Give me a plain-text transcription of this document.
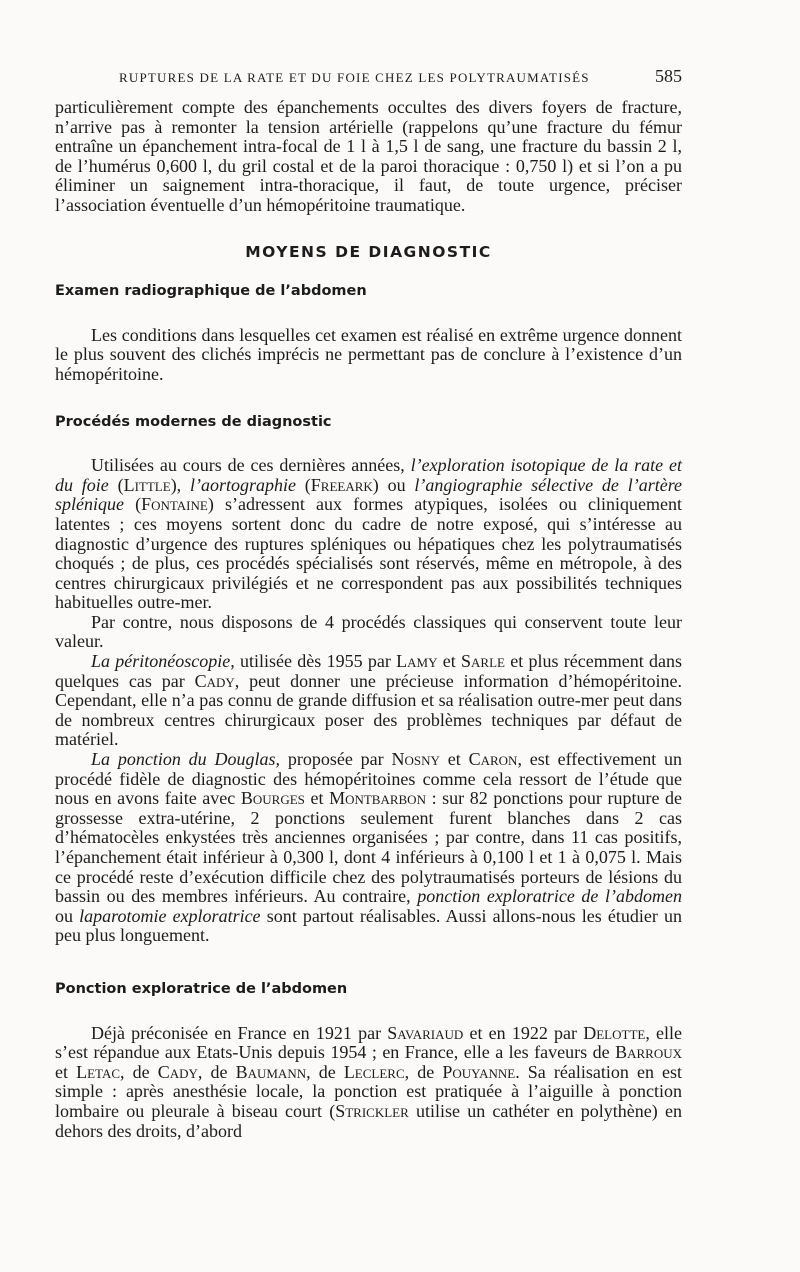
RUPTURES DE LA RATE ET DU FOIE CHEZ LES POLYTRAUMATISÉS	585

particulièrement compte des épanchements occultes des divers foyers de fracture, n’arrive pas à remonter la tension artérielle (rappelons qu’une fracture du fémur entraîne un épanchement intra-focal de 1 l à 1,5 l de sang, une fracture du bassin 2 l, de l’humérus 0,600 l, du gril costal et de la paroi thoracique : 0,750 l) et si l’on a pu éliminer un saignement intra-thoracique, il faut, de toute urgence, préciser l’association éventuelle d’un hémopéritoine traumatique.

MOYENS DE DIAGNOSTIC
Examen radiographique de l’abdomen

Les conditions dans lesquelles cet examen est réalisé en extrême urgence donnent le plus souvent des clichés imprécis ne permettant pas de conclure à l’existence d’un hémopéritoine.

Procédés modernes de diagnostic

Utilisées au cours de ces dernières années, l’exploration isotopique de la rate et du foie (Little), l’aortographie (Freeark) ou l’angiographie sélective de l’artère splénique (Fontaine) s’adressent aux formes atypiques, isolées ou cliniquement latentes ; ces moyens sortent donc du cadre de notre exposé, qui s’intéresse au diagnostic d’urgence des ruptures spléniques ou hépatiques chez les polytraumatisés choqués ; de plus, ces procédés spécialisés sont réservés, même en métropole, à des centres chirurgicaux privilégiés et ne correspondent pas aux possibilités techniques habituelles outre-mer.

Par contre, nous disposons de 4 procédés classiques qui conservent toute leur valeur.

La péritonéoscopie, utilisée dès 1955 par Lamy et Sarle et plus récemment dans quelques cas par Cady, peut donner une précieuse information d’hémopéritoine. Cependant, elle n’a pas connu de grande diffusion et sa réalisation outre-mer peut dans de nombreux centres chirurgicaux poser des problèmes techniques par défaut de matériel.

La ponction du Douglas, proposée par Nosny et Caron, est effectivement un procédé fidèle de diagnostic des hémopéritoines comme cela ressort de l’étude que nous en avons faite avec Bourges et Montbarbon : sur 82 ponctions pour rupture de grossesse extra-utérine, 2 ponctions seulement furent blanches dans 2 cas d’hématocèles enkystées très anciennes organisées ; par contre, dans 11 cas positifs, l’épanchement était inférieur à 0,300 l, dont 4 inférieurs à 0,100 l et 1 à 0,075 l. Mais ce procédé reste d’exécution difficile chez des polytraumatisés porteurs de lésions du bassin ou des membres inférieurs. Au contraire, ponction exploratrice de l’abdomen ou laparotomie exploratrice sont partout réalisables. Aussi allons-nous les étudier un peu plus longuement.

Ponction exploratrice de l’abdomen

Déjà préconisée en France en 1921 par Savariaud et en 1922 par Delotte, elle s’est répandue aux Etats-Unis depuis 1954 ; en France, elle a les faveurs de Barroux et Letac, de Cady, de Baumann, de Leclerc, de Pouyanne. Sa réalisation en est simple : après anesthésie locale, la ponction est pratiquée à l’aiguille à ponction lombaire ou pleurale à biseau court (Strickler utilise un cathéter en polythène) en dehors des droits, d’abord
